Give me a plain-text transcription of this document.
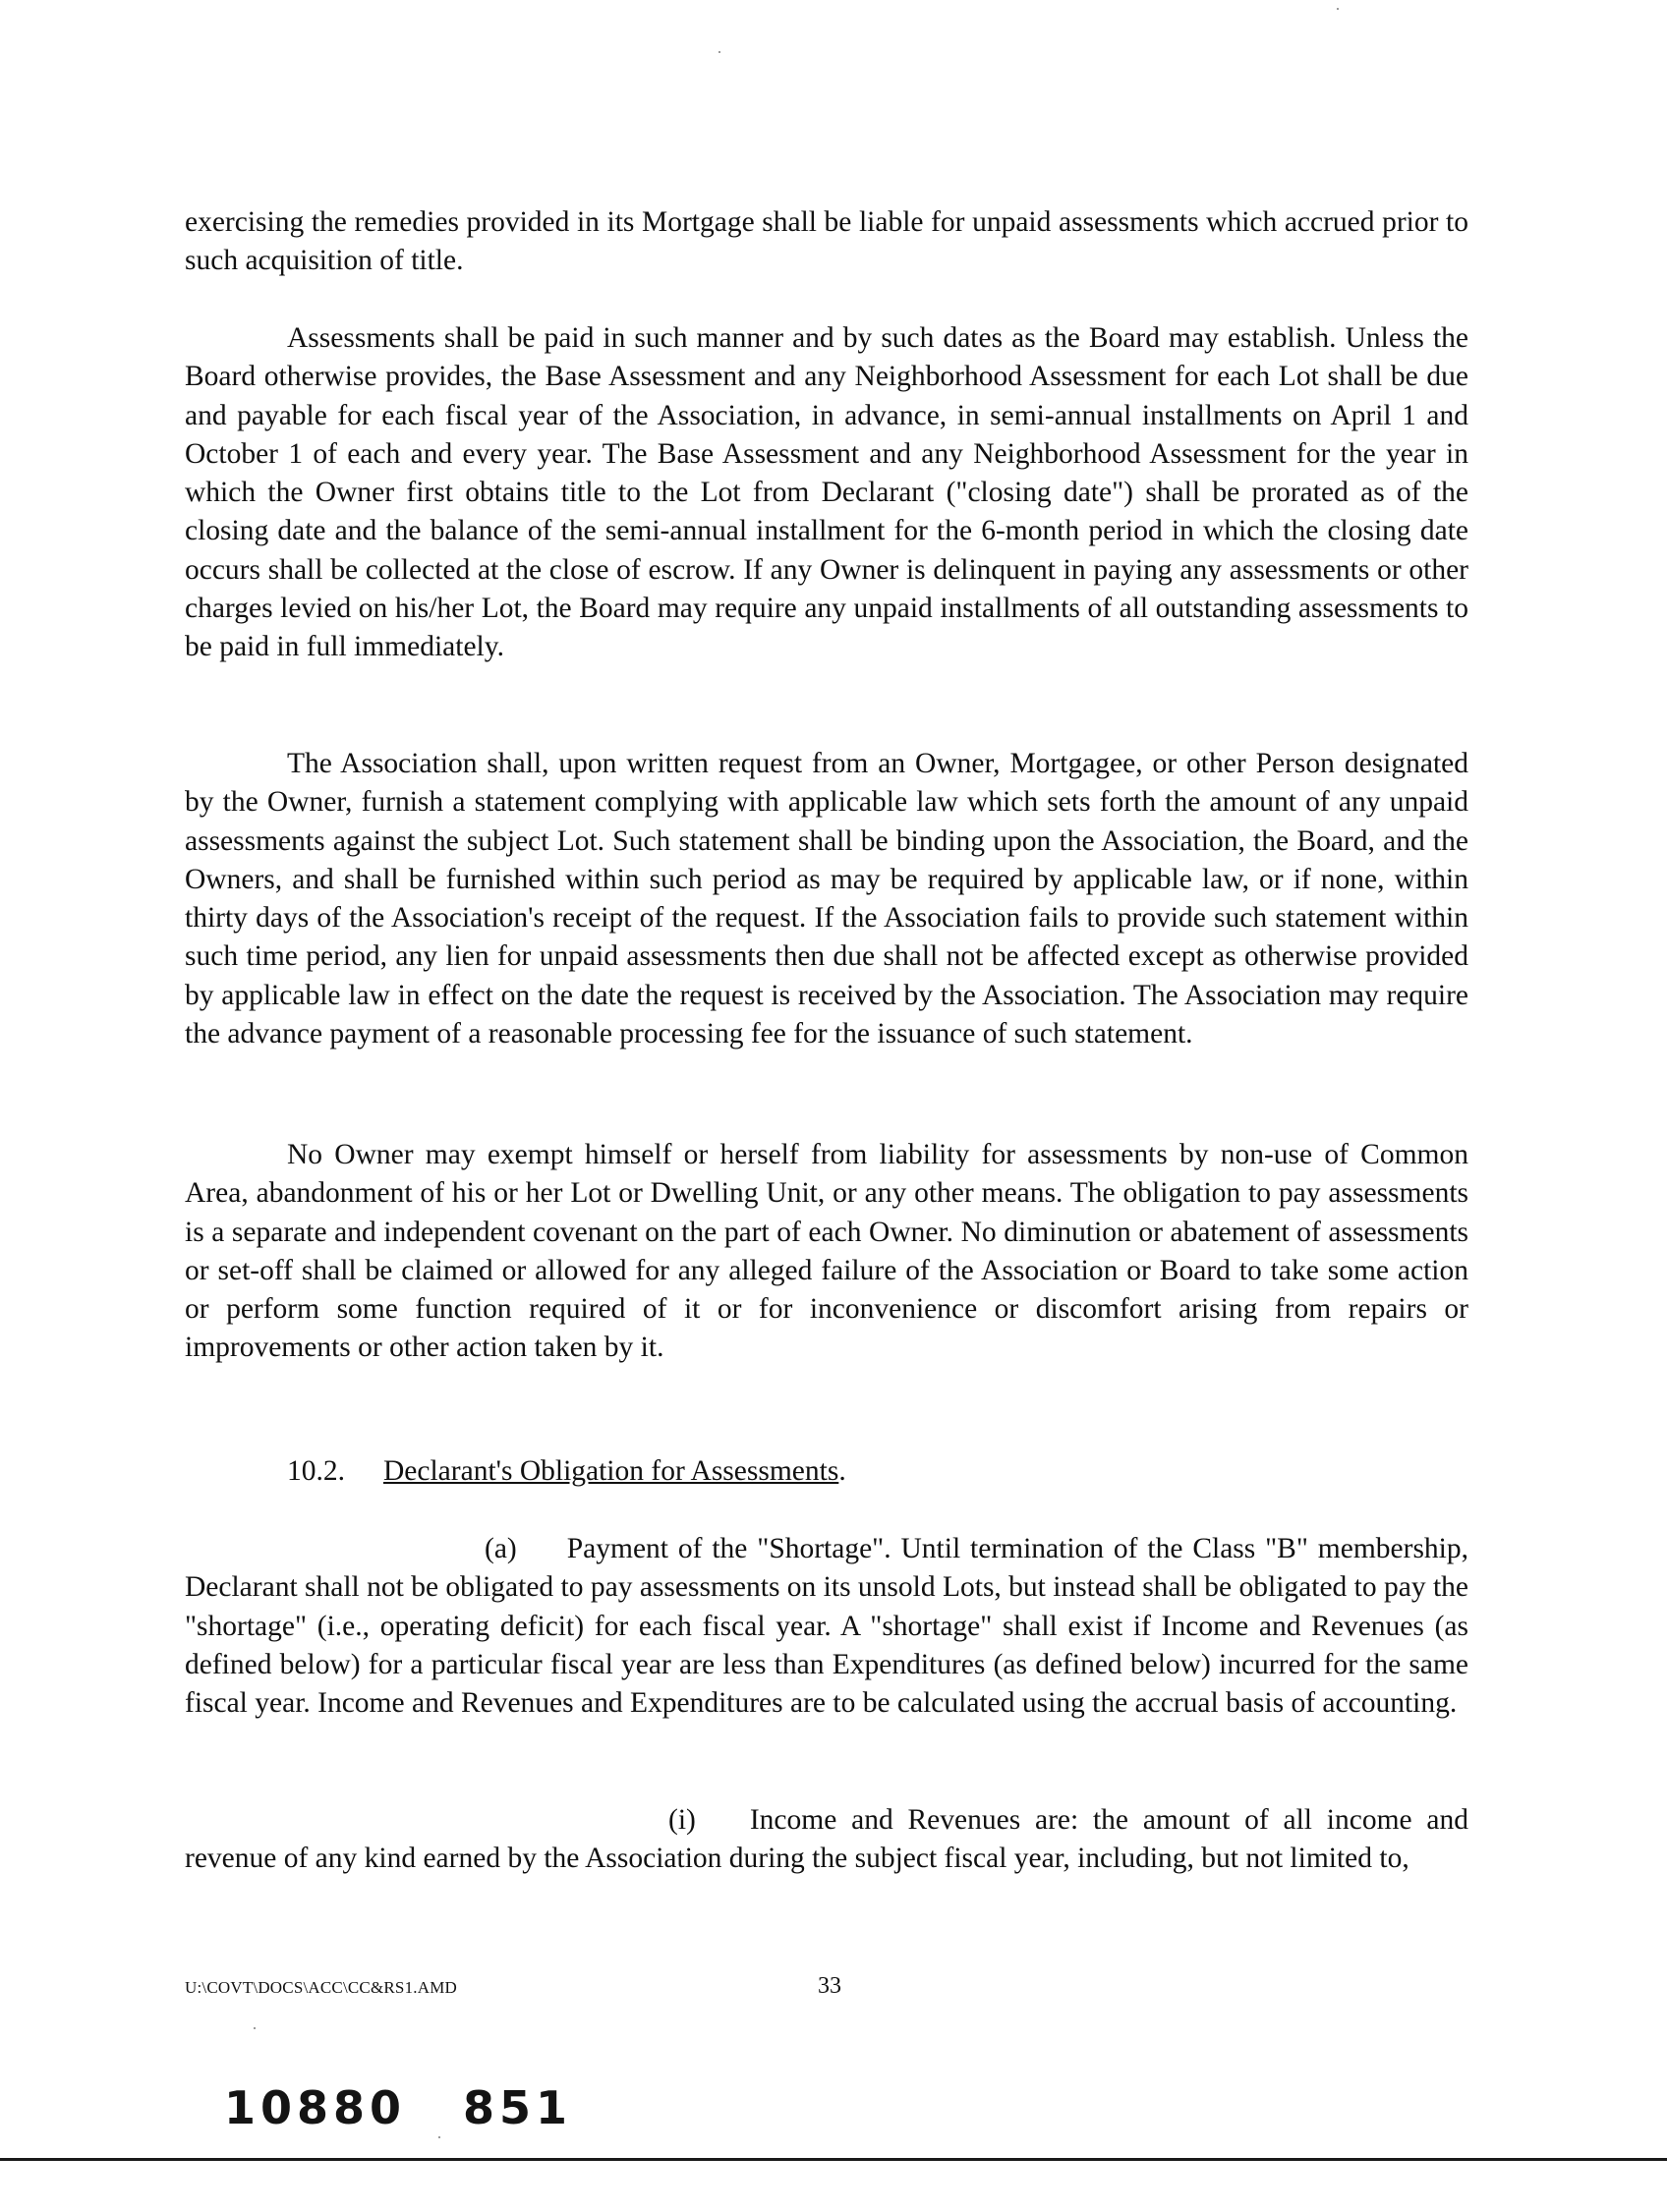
exercising the remedies provided in its Mortgage shall be liable for unpaid assessments which accrued prior to such acquisition of title.

Assessments shall be paid in such manner and by such dates as the Board may establish. Unless the Board otherwise provides, the Base Assessment and any Neighborhood Assessment for each Lot shall be due and payable for each fiscal year of the Association, in advance, in semi-annual installments on April 1 and October 1 of each and every year. The Base Assessment and any Neighborhood Assessment for the year in which the Owner first obtains title to the Lot from Declarant ("closing date") shall be prorated as of the closing date and the balance of the semi-annual installment for the 6-month period in which the closing date occurs shall be collected at the close of escrow. If any Owner is delinquent in paying any assessments or other charges levied on his/her Lot, the Board may require any unpaid installments of all outstanding assessments to be paid in full immediately.

The Association shall, upon written request from an Owner, Mortgagee, or other Person designated by the Owner, furnish a statement complying with applicable law which sets forth the amount of any unpaid assessments against the subject Lot. Such statement shall be binding upon the Association, the Board, and the Owners, and shall be furnished within such period as may be required by applicable law, or if none, within thirty days of the Association's receipt of the request. If the Association fails to provide such statement within such time period, any lien for unpaid assessments then due shall not be affected except as otherwise provided by applicable law in effect on the date the request is received by the Association. The Association may require the advance payment of a reasonable processing fee for the issuance of such statement.

No Owner may exempt himself or herself from liability for assessments by non-use of Common Area, abandonment of his or her Lot or Dwelling Unit, or any other means. The obligation to pay assessments is a separate and independent covenant on the part of each Owner. No diminution or abatement of assessments or set-off shall be claimed or allowed for any alleged failure of the Association or Board to take some action or perform some function required of it or for inconvenience or discomfort arising from repairs or improvements or other action taken by it.

10.2. Declarant's Obligation for Assessments.

(a) Payment of the "Shortage". Until termination of the Class "B" membership, Declarant shall not be obligated to pay assessments on its unsold Lots, but instead shall be obligated to pay the "shortage" (i.e., operating deficit) for each fiscal year. A "shortage" shall exist if Income and Revenues (as defined below) for a particular fiscal year are less than Expenditures (as defined below) incurred for the same fiscal year. Income and Revenues and Expenditures are to be calculated using the accrual basis of accounting.

(i) Income and Revenues are: the amount of all income and revenue of any kind earned by the Association during the subject fiscal year, including, but not limited to,

U:\COVT\DOCS\ACC\CC&RS1.AMD	33
10880 851
